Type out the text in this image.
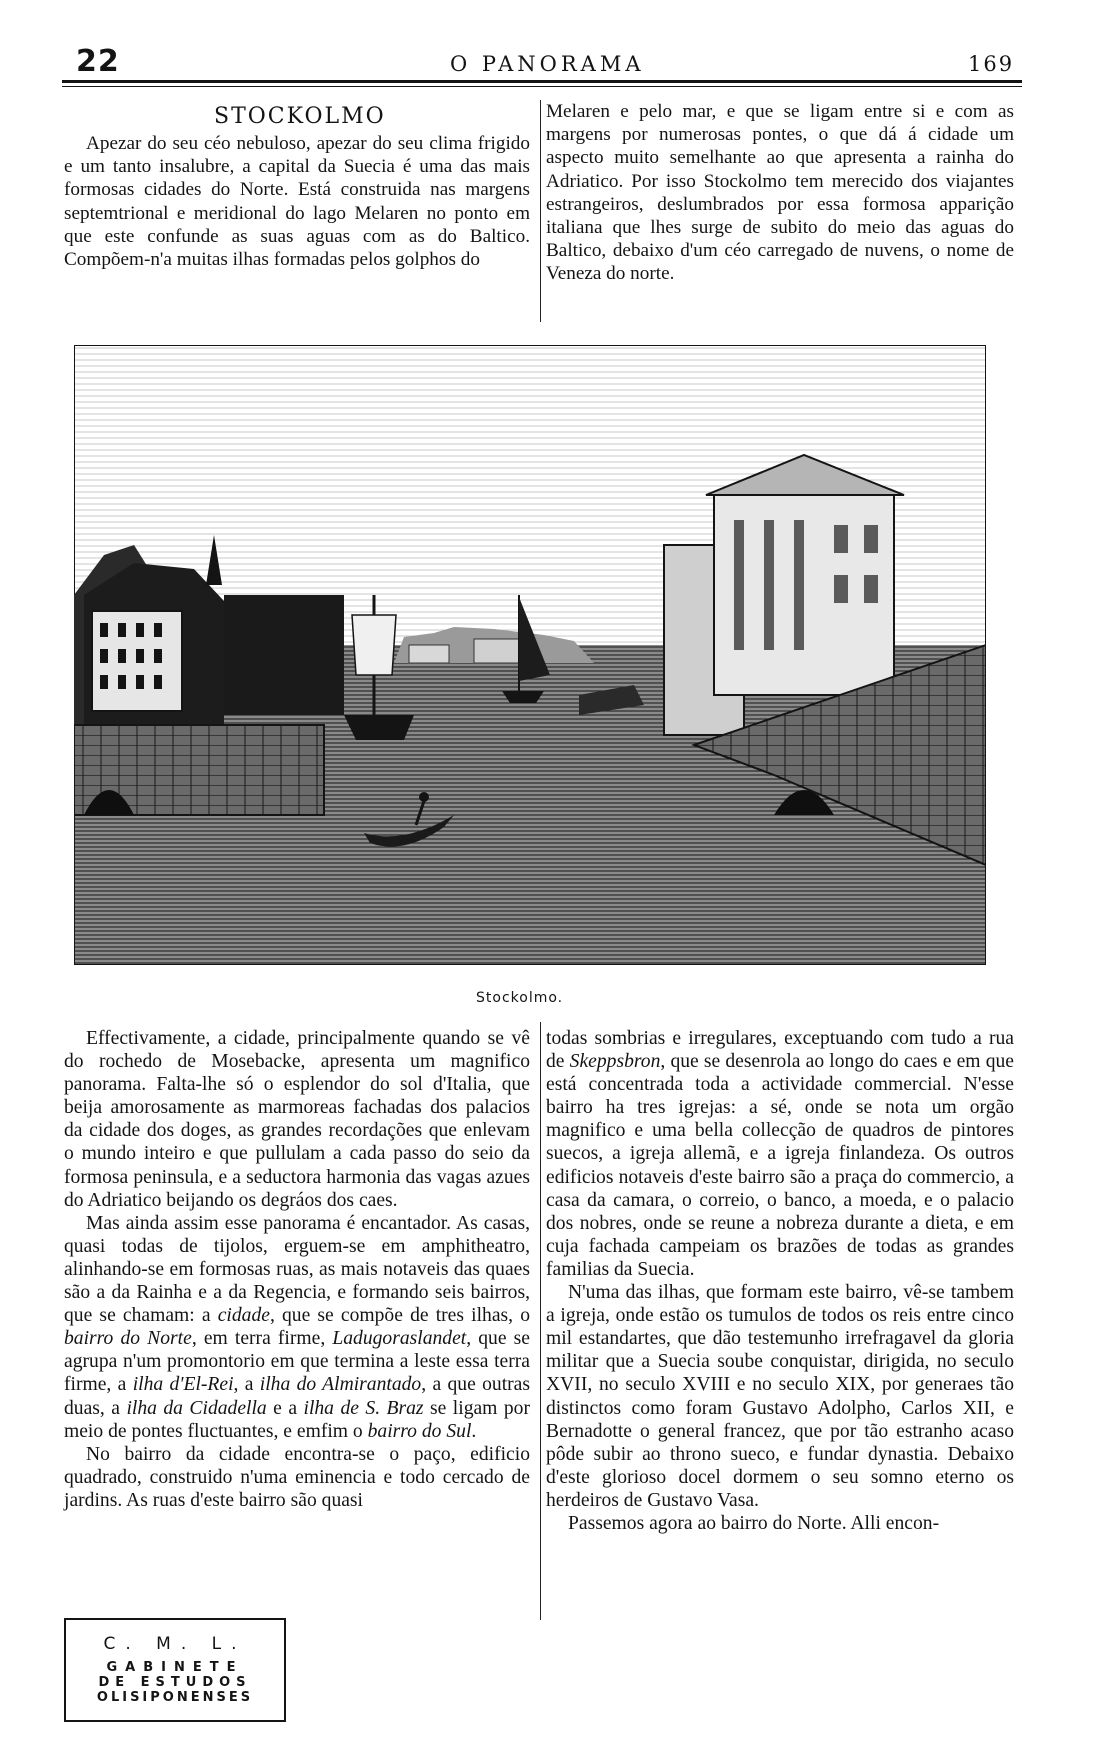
22	O PANORAMA	169
STOCKOLMO

Apezar do seu céo nebuloso, apezar do seu clima frigido e um tanto insalubre, a capital da Suecia é uma das mais formosas cidades do Norte. Está construida nas margens septemtrional e meridional do lago Melaren no ponto em que este confunde as suas aguas com as do Baltico. Compõem-n'a muitas ilhas formadas pelos golphos do

Melaren e pelo mar, e que se ligam entre si e com as margens por numerosas pontes, o que dá á cidade um aspecto muito semelhante ao que apresenta a rainha do Adriatico. Por isso Stockolmo tem merecido dos viajantes estrangeiros, deslumbrados por essa formosa apparição italiana que lhes surge de subito do meio das aguas do Baltico, debaixo d'um céo carregado de nuvens, o nome de Veneza do norte.

Stockolmo.

Effectivamente, a cidade, principalmente quando se vê do rochedo de Mosebacke, apresenta um magnifico panorama. Falta-lhe só o esplendor do sol d'Italia, que beija amorosamente as marmoreas fachadas dos palacios da cidade dos doges, as grandes recordações que enlevam o mundo inteiro e que pullulam a cada passo do seio da formosa peninsula, e a seductora harmonia das vagas azues do Adriatico beijando os degráos dos caes.

Mas ainda assim esse panorama é encantador. As casas, quasi todas de tijolos, erguem-se em amphitheatro, alinhando-se em formosas ruas, as mais notaveis das quaes são a da Rainha e a da Regencia, e formando seis bairros, que se chamam: a cidade, que se compõe de tres ilhas, o bairro do Norte, em terra firme, Ladugoraslandet, que se agrupa n'um promontorio em que termina a leste essa terra firme, a ilha d'El-Rei, a ilha do Almirantado, a que outras duas, a ilha da Cidadella e a ilha de S. Braz se ligam por meio de pontes fluctuantes, e emfim o bairro do Sul.

No bairro da cidade encontra-se o paço, edificio quadrado, construido n'uma eminencia e todo cercado de jardins. As ruas d'este bairro são quasi

todas sombrias e irregulares, exceptuando com tudo a rua de Skeppsbron, que se desenrola ao longo do caes e em que está concentrada toda a actividade commercial. N'esse bairro ha tres igrejas: a sé, onde se nota um orgão magnifico e uma bella collecção de quadros de pintores suecos, a igreja allemã, e a igreja finlandeza. Os outros edificios notaveis d'este bairro são a praça do commercio, a casa da camara, o correio, o banco, a moeda, e o palacio dos nobres, onde se reune a nobreza durante a dieta, e em cuja fachada campeiam os brazões de todas as grandes familias da Suecia.

N'uma das ilhas, que formam este bairro, vê-se tambem a igreja, onde estão os tumulos de todos os reis entre cinco mil estandartes, que dão testemunho irrefragavel da gloria militar que a Suecia soube conquistar, dirigida, no seculo XVII, no seculo XVIII e no seculo XIX, por generaes tão distinctos como foram Gustavo Adolpho, Carlos XII, e Bernadotte o general francez, que por tão estranho acaso pôde subir ao throno sueco, e fundar dynastia. Debaixo d'este glorioso docel dormem o seu somno eterno os herdeiros de Gustavo Vasa.

Passemos agora ao bairro do Norte. Alli encon-

C. M. L.
GABINETE
DE ESTUDOS
OLISIPONENSES
